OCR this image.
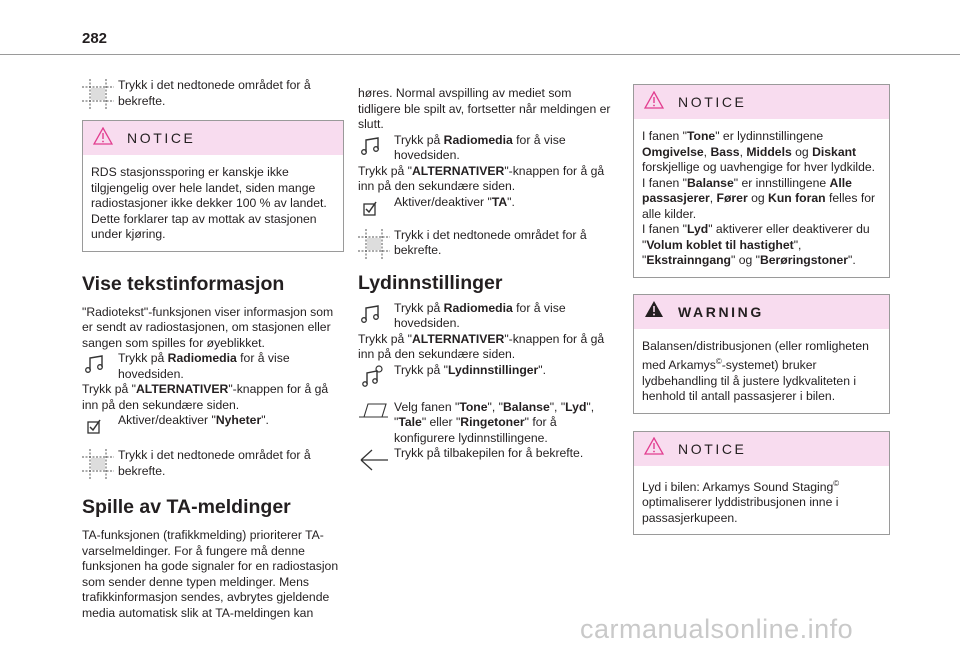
282
Trykk i det nedtonede området for å bekrefte.
NOTICE

RDS stasjonssporing er kanskje ikke tilgjengelig over hele landet, siden mange radiostasjoner ikke dekker 100 % av landet. Dette forklarer tap av mottak av stasjonen under kjøring.

Vise tekstinformasjon

"Radiotekst"-funksjonen viser informasjon som er sendt av radiostasjonen, om stasjonen eller sangen som spilles for øyeblikket.

Trykk på Radiomedia for å vise hovedsiden.

Trykk på "ALTERNATIVER"-knappen for å gå inn på den sekundære siden.

Aktiver/deaktiver "Nyheter".
Trykk i det nedtonede området for å bekrefte.
Spille av TA-meldinger

TA-funksjonen (trafikkmelding) prioriterer TA-varselmeldinger. For å fungere må denne funksjonen ha gode signaler for en radiostasjon som sender denne typen meldinger. Mens trafikkinformasjon sendes, avbrytes gjeldende media automatisk slik at TA-meldingen kan

høres. Normal avspilling av mediet som tidligere ble spilt av, fortsetter når meldingen er slutt.

Trykk på Radiomedia for å vise hovedsiden.

Trykk på "ALTERNATIVER"-knappen for å gå inn på den sekundære siden.

Aktiver/deaktiver "TA".
Trykk i det nedtonede området for å bekrefte.
Lydinnstillinger
Trykk på Radiomedia for å vise hovedsiden.

Trykk på "ALTERNATIVER"-knappen for å gå inn på den sekundære siden.

Trykk på "Lydinnstillinger".
Velg fanen "Tone", "Balanse", "Lyd", "Tale" eller "Ringetoner" for å konfigurere lydinnstillingene.
Trykk på tilbakepilen for å bekrefte.
NOTICE

I fanen "Tone" er lydinnstillingene Omgivelse, Bass, Middels og Diskant forskjellige og uavhengige for hver lydkilde.
I fanen "Balanse" er innstillingene Alle passasjerer, Fører og Kun foran felles for alle kilder.
I fanen "Lyd" aktiverer eller deaktiverer du "Volum koblet til hastighet", "Ekstrainngang" og "Berøringstoner".

WARNING

Balansen/distribusjonen (eller romligheten med Arkamys©-systemet) bruker lydbehandling til å justere lydkvaliteten i henhold til antall passasjerer i bilen.

NOTICE

Lyd i bilen: Arkamys Sound Staging© optimaliserer lyddistribusjonen inne i passasjerkupeen.

carmanualsonline.info
